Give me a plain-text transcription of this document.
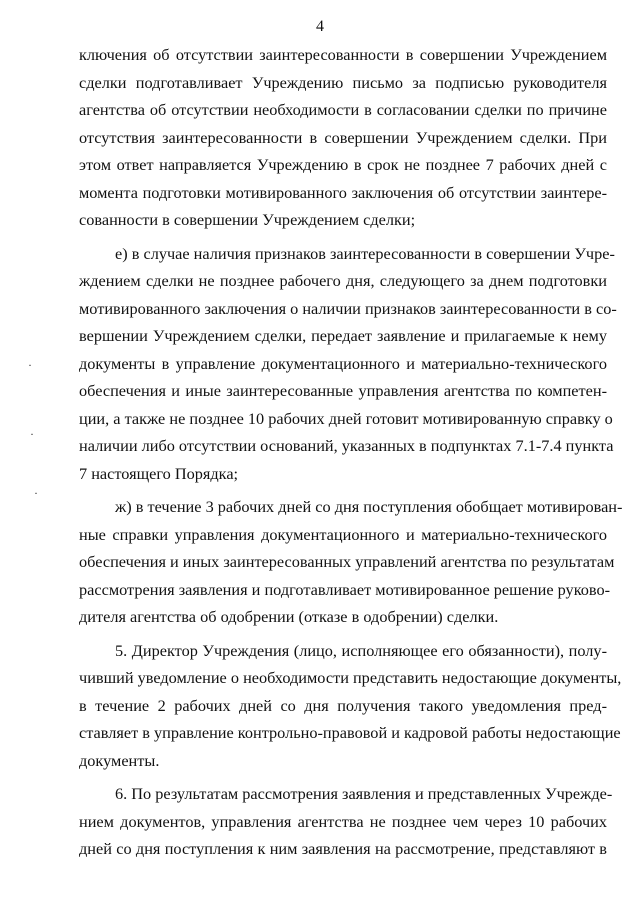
4
ключения об отсутствии заинтересованности в совершении Учреждением
сделки подготавливает Учреждению письмо за подписью руководителя
агентства об отсутствии необходимости в согласовании сделки по причине
отсутствия заинтересованности в совершении Учреждением сделки. При
этом ответ направляется Учреждению в срок не позднее 7 рабочих дней с
момента подготовки мотивированного заключения об отсутствии заинтере-
сованности в совершении Учреждением сделки;
е) в случае наличия признаков заинтересованности в совершении Учре-
ждением сделки не позднее рабочего дня, следующего за днем подготовки
мотивированного заключения о наличии признаков заинтересованности в со-
вершении Учреждением сделки, передает заявление и прилагаемые к нему
документы в управление документационного и материально-технического
обеспечения и иные заинтересованные управления агентства по компетен-
ции, а также не позднее 10 рабочих дней готовит мотивированную справку о
наличии либо отсутствии оснований, указанных в подпунктах 7.1-7.4 пункта
7 настоящего Порядка;
ж) в течение 3 рабочих дней со дня поступления обобщает мотивирован-
ные справки управления документационного и материально-технического
обеспечения и иных заинтересованных управлений агентства по результатам
рассмотрения заявления и подготавливает мотивированное решение руково-
дителя агентства об одобрении (отказе в одобрении) сделки.
5. Директор Учреждения (лицо, исполняющее его обязанности), полу-
чивший уведомление о необходимости представить недостающие документы,
в течение 2 рабочих дней со дня получения такого уведомления пред-
ставляет в управление контрольно-правовой и кадровой работы недостающие
документы.
6. По результатам рассмотрения заявления и представленных Учрежде-
нием документов, управления агентства не позднее чем через 10 рабочих
дней со дня поступления к ним заявления на рассмотрение, представляют в
·
·
·
